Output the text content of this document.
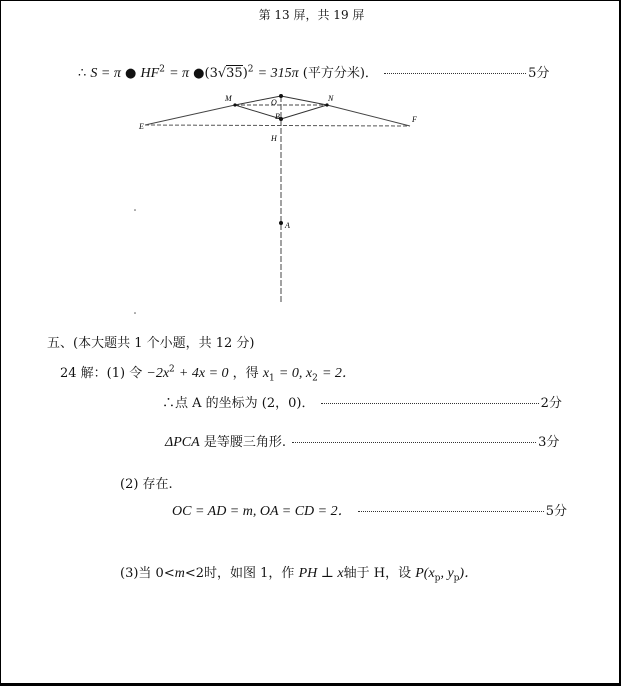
第 13 屏，共 19 屏
∴ S = π ● $HF^2 = \pi$ $●(3√35)^2 = 315\pi$ (平方分米)．	5分
E
M	O	N
B
H
F
A
五、(本大题共 1 个小题，共 12 分)
24 解：(1) 令 $-2x^2 + 4x = 0$ ，得 $x_1 = 0$, $x_2 = 2$．
∴点 A 的坐标为 (2，0)．	2分
ΔPCA 是等腰三角形.	3分
(2) 存在.
OC = AD = m, OA = CD = 2．	5分
(3)当 0<m<2时，如图 1，作 PH ⊥ x轴于 H，设 $P(x_p$, $y_p$)．
